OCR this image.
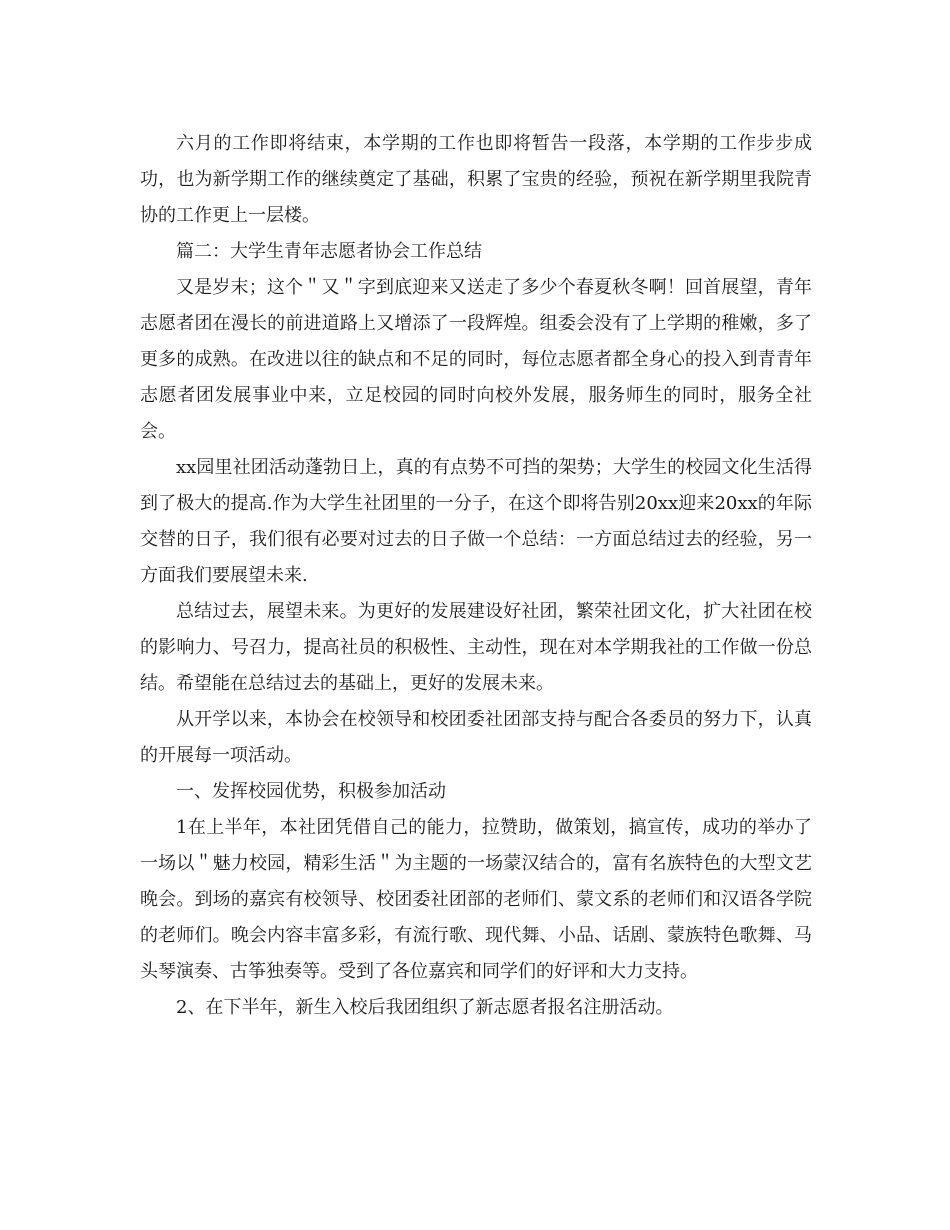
六月的工作即将结束，本学期的工作也即将暂告一段落，本学期的工作步步成功，也为新学期工作的继续奠定了基础，积累了宝贵的经验，预祝在新学期里我院青协的工作更上一层楼。

篇二：大学生青年志愿者协会工作总结

又是岁末；这个＂又＂字到底迎来又送走了多少个春夏秋冬啊！回首展望，青年志愿者团在漫长的前进道路上又增添了一段辉煌。组委会没有了上学期的稚嫩，多了更多的成熟。在改进以往的缺点和不足的同时，每位志愿者都全身心的投入到青青年志愿者团发展事业中来，立足校园的同时向校外发展，服务师生的同时，服务全社会。

xx园里社团活动蓬勃日上，真的有点势不可挡的架势；大学生的校园文化生活得到了极大的提高.作为大学生社团里的一分子，在这个即将告别20xx迎来20xx的年际交替的日子，我们很有必要对过去的日子做一个总结：一方面总结过去的经验，另一方面我们要展望未来.

总结过去，展望未来。为更好的发展建设好社团，繁荣社团文化，扩大社团在校的影响力、号召力，提高社员的积极性、主动性，现在对本学期我社的工作做一份总结。希望能在总结过去的基础上，更好的发展未来。

从开学以来，本协会在校领导和校团委社团部支持与配合各委员的努力下，认真的开展每一项活动。

一、发挥校园优势，积极参加活动

1在上半年，本社团凭借自己的能力，拉赞助，做策划，搞宣传，成功的举办了一场以＂魅力校园，精彩生活＂为主题的一场蒙汉结合的，富有名族特色的大型文艺晚会。到场的嘉宾有校领导、校团委社团部的老师们、蒙文系的老师们和汉语各学院的老师们。晚会内容丰富多彩，有流行歌、现代舞、小品、话剧、蒙族特色歌舞、马头琴演奏、古筝独奏等。受到了各位嘉宾和同学们的好评和大力支持。

2、在下半年，新生入校后我团组织了新志愿者报名注册活动。
